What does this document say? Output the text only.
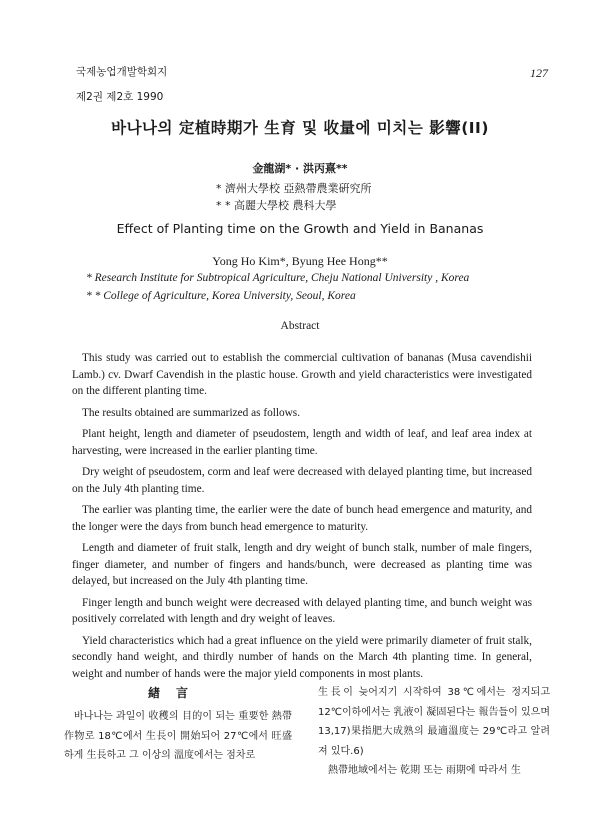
국제농업개발학회지
제2권 제2호 1990
127
바나나의 定植時期가 生育 및 收量에 미치는 影響(II)
金龍湖* · 洪丙熹**
* 濟州大學校 亞熱帶農業硏究所
* * 高麗大學校 農科大學
Effect of Planting time on the Growth and Yield in Bananas
Yong Ho Kim*, Byung Hee Hong**
* Research Institute for Subtropical Agriculture, Cheju National University , Korea
* * College of Agriculture, Korea University, Seoul, Korea
Abstract

This study was carried out to establish the commercial cultivation of bananas (Musa cavendishii Lamb.) cv. Dwarf Cavendish in the plastic house. Growth and yield characteristics were investigated on the different planting time.

The results obtained are summarized as follows.

Plant height, length and diameter of pseudostem, length and width of leaf, and leaf area index at harvesting, were increased in the earlier planting time.

Dry weight of pseudostem, corm and leaf were decreased with delayed planting time, but increased on the July 4th planting time.

The earlier was planting time, the earlier were the date of bunch head emergence and maturity, and the longer were the days from bunch head emergence to maturity.

Length and diameter of fruit stalk, length and dry weight of bunch stalk, number of male fingers, finger diameter, and number of fingers and hands/bunch, were decreased as planting time was delayed, but increased on the July 4th planting time.

Finger length and bunch weight were decreased with delayed planting time, and bunch weight was positively correlated with length and dry weight of leaves.

Yield characteristics which had a great influence on the yield were primarily diameter of fruit stalk, secondly hand weight, and thirdly number of hands on the March 4th planting time. In general, weight and number of hands were the major yield components in most plants.

緖言

바나나는 과일이 收穫의 目的이 되는 重要한 熱帶作物로 18℃에서 生長이 開始되어 27℃에서 旺盛하게 生長하고 그 이상의 溫度에서는 점차로

生長이 늦어지기 시작하여 38℃에서는 정지되고 12℃이하에서는 乳液이 凝固된다는 報告들이 있으며13,17)果指肥大成熟의 最適溫度는 29℃라고 알려져 있다.6)

熱帶地域에서는 乾期 또는 雨期에 따라서 生
